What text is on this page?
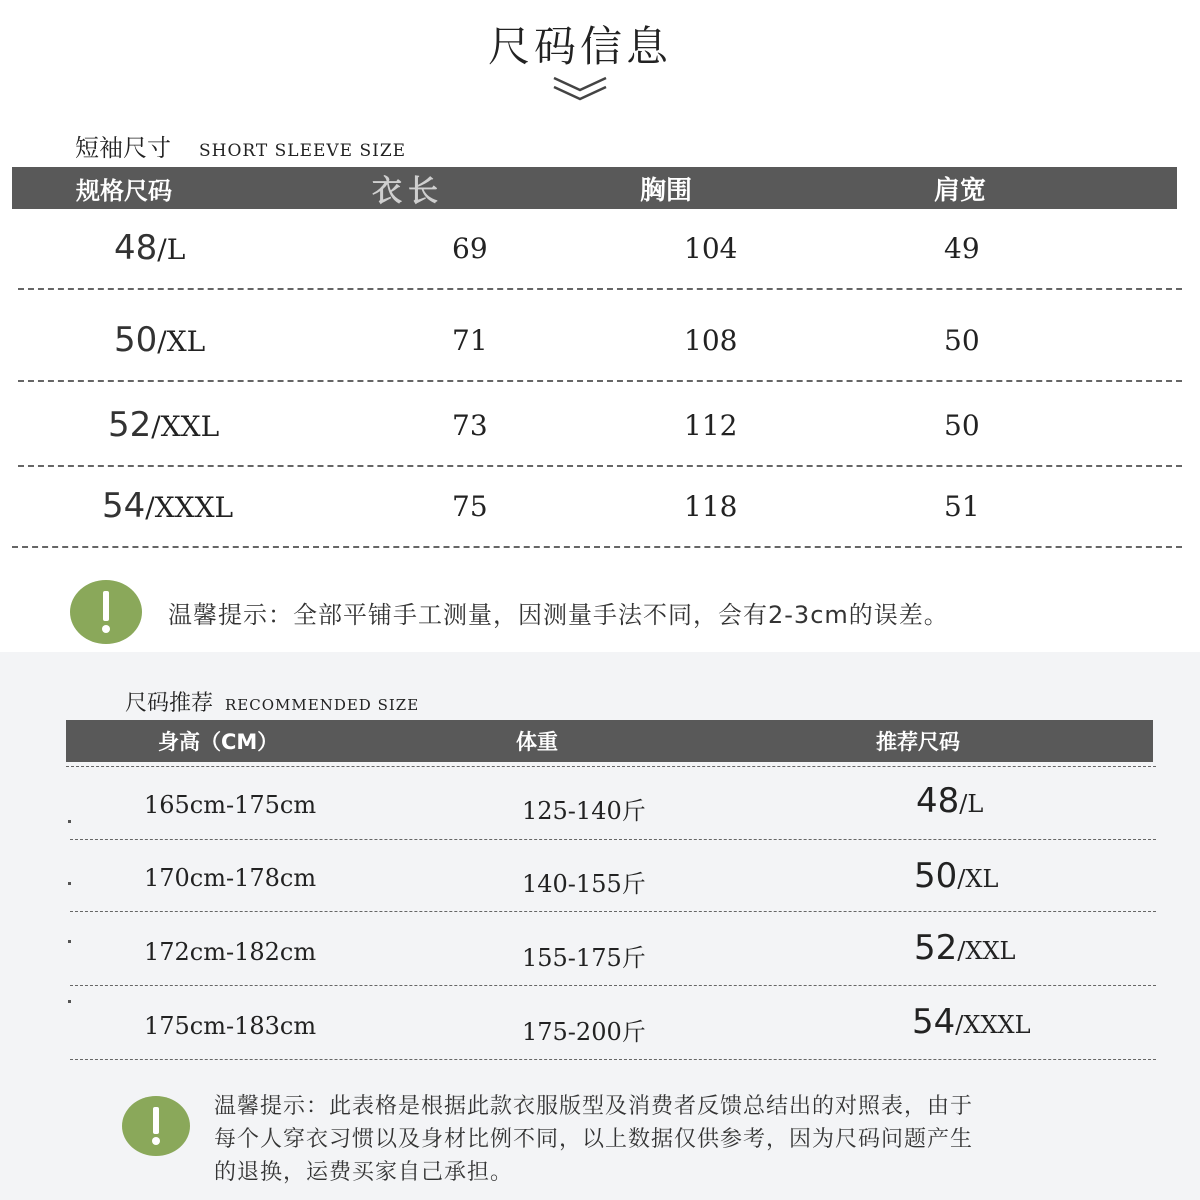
尺码信息
短袖尺寸 SHORT SLEEVE SIZE
规格尺码	衣长	胸围	肩宽
48/L	69	104	49
50/XL	71	108	50
52/XXL	73	112	50
54/XXXL	75	118	51
温馨提示：全部平铺手工测量，因测量手法不同，会有2-3cm的误差。
尺码推荐 RECOMMENDED SIZE
身高（CM）	体重	推荐尺码
165cm-175cm	125-140斤	48/L
170cm-178cm	140-155斤	50/XL
172cm-182cm	155-175斤	52/XXL
175cm-183cm	175-200斤	54/XXXL
温馨提示：此表格是根据此款衣服版型及消费者反馈总结出的对照表，由于
每个人穿衣习惯以及身材比例不同，以上数据仅供参考，因为尺码问题产生
的退换，运费买家自己承担。
